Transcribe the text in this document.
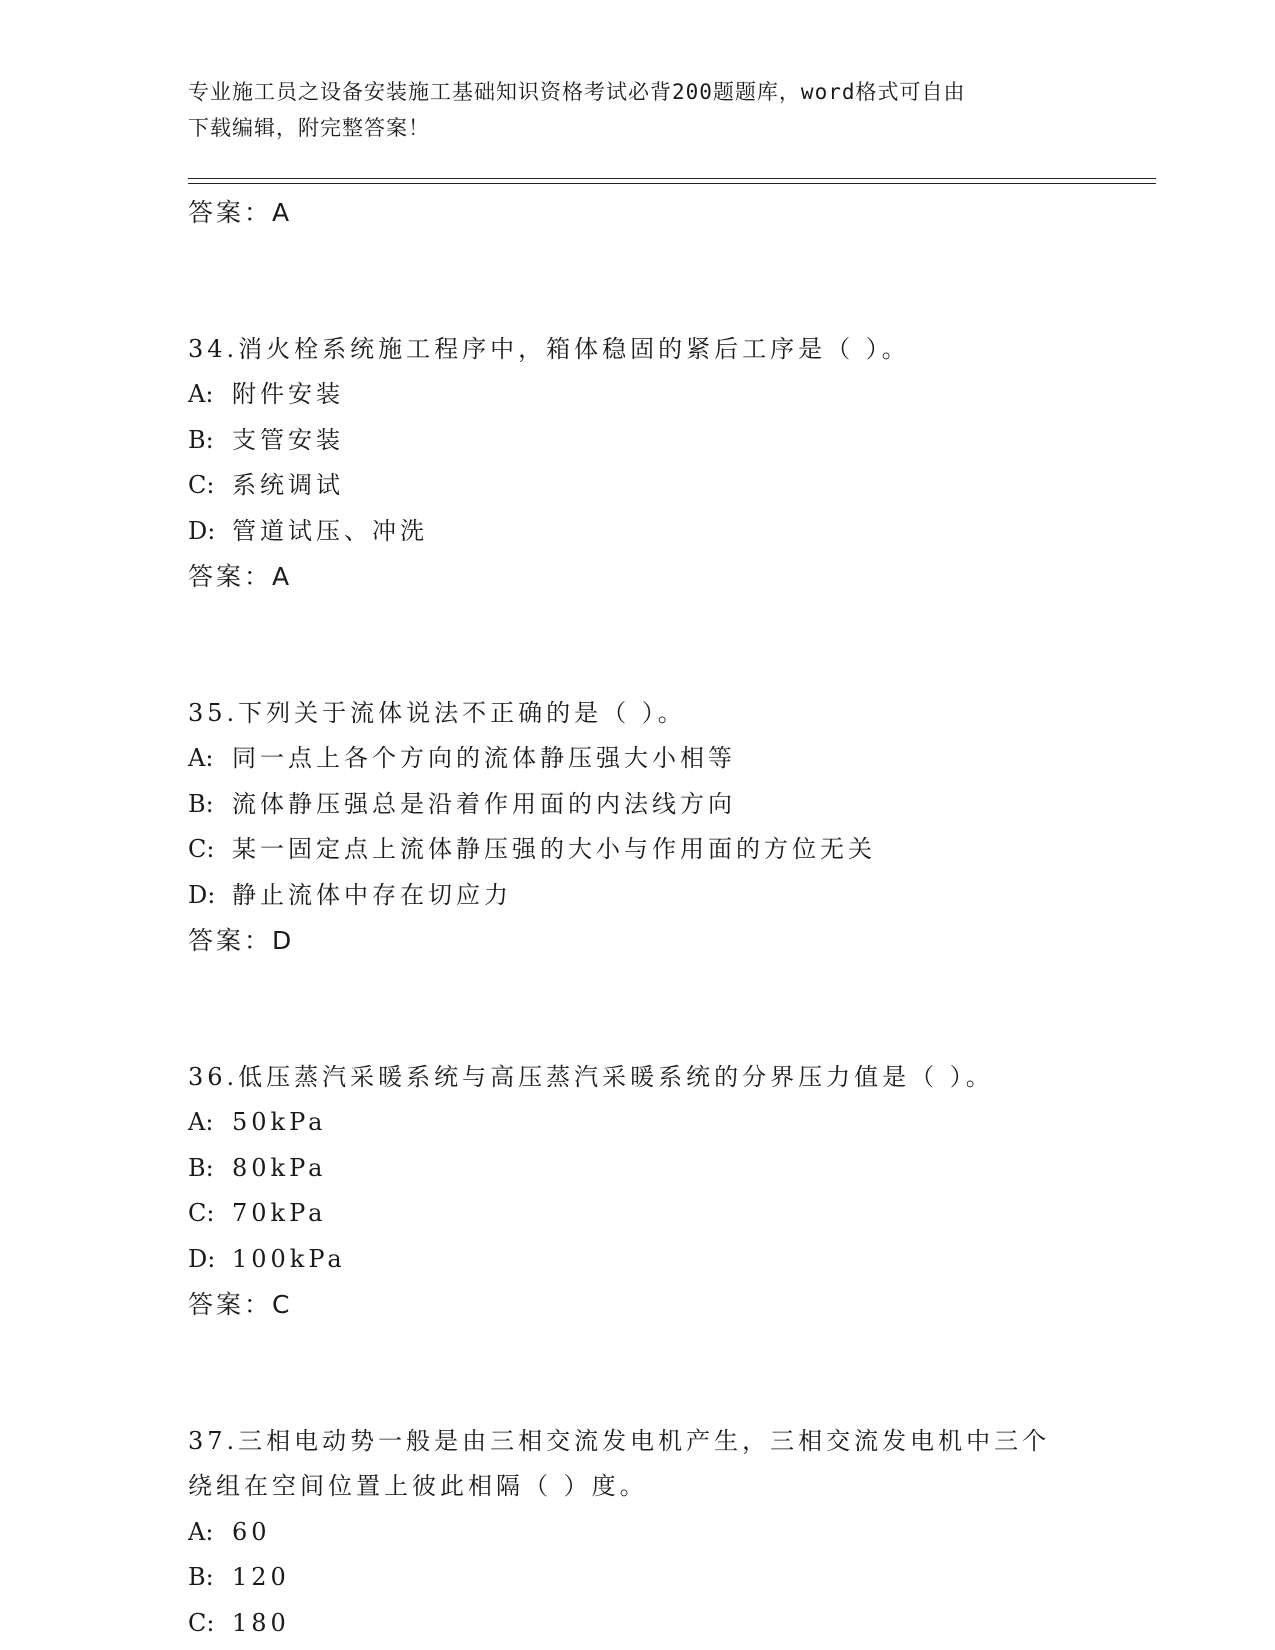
专业施工员之设备安装施工基础知识资格考试必背200题题库，word格式可自由
下载编辑，附完整答案！
答案：A
34.消火栓系统施工程序中，箱体稳固的紧后工序是（ ）。
A: 附件安装
B: 支管安装
C: 系统调试
D: 管道试压、冲洗
答案：A
35.下列关于流体说法不正确的是（ ）。
A: 同一点上各个方向的流体静压强大小相等
B: 流体静压强总是沿着作用面的内法线方向
C: 某一固定点上流体静压强的大小与作用面的方位无关
D: 静止流体中存在切应力
答案：D
36.低压蒸汽采暖系统与高压蒸汽采暖系统的分界压力值是（ ）。
A: 50kPa
B: 80kPa
C: 70kPa
D: 100kPa
答案：C
37.三相电动势一般是由三相交流发电机产生，三相交流发电机中三个
绕组在空间位置上彼此相隔（ ）度。
A: 60
B: 120
C: 180
